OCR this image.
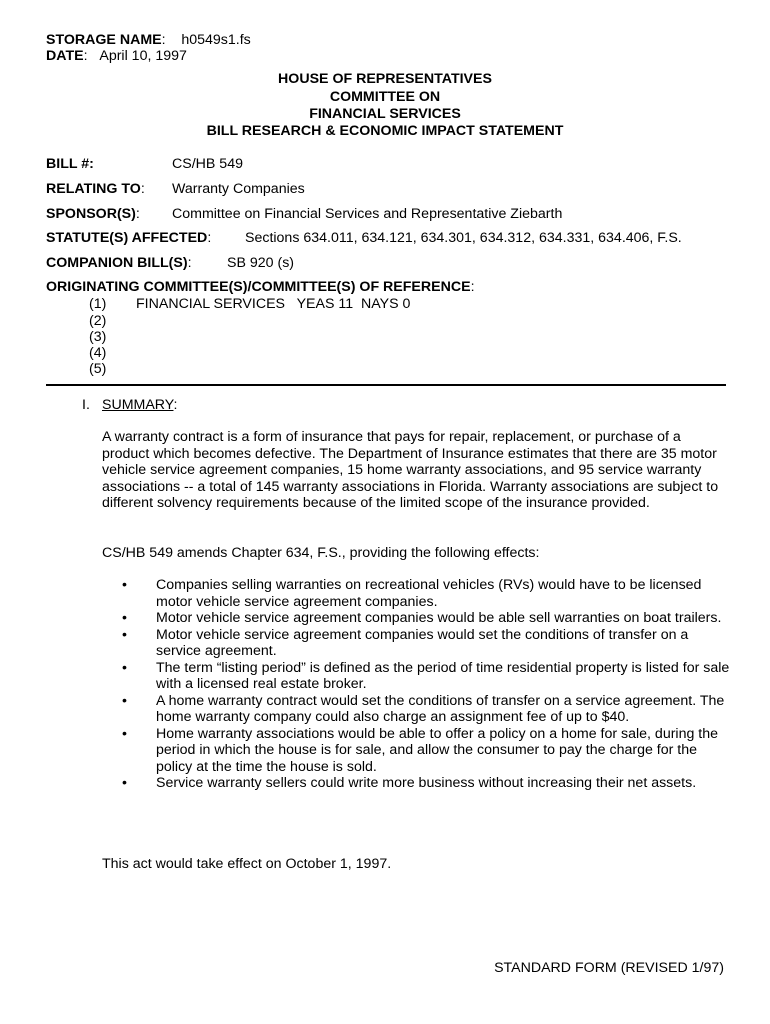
STORAGE NAME:    h0549s1.fs
DATE:   April 10, 1997
HOUSE OF REPRESENTATIVES
COMMITTEE ON
FINANCIAL SERVICES
BILL RESEARCH & ECONOMIC IMPACT STATEMENT
BILL #:	CS/HB 549
RELATING TO: Warranty Companies
SPONSOR(S): Committee on Financial Services and Representative Ziebarth
STATUTE(S) AFFECTED: Sections 634.011, 634.121, 634.301, 634.312, 634.331, 634.406, F.S.
COMPANION BILL(S): SB 920 (s)
ORIGINATING COMMITTEE(S)/COMMITTEE(S) OF REFERENCE:
(1) FINANCIAL SERVICES   YEAS 11  NAYS 0
(2)
(3)
(4)
(5)
I. SUMMARY:
A warranty contract is a form of insurance that pays for repair, replacement, or purchase of a product which becomes defective. The Department of Insurance estimates that there are 35 motor vehicle service agreement companies, 15 home warranty associations, and 95 service warranty associations -- a total of 145 warranty associations in Florida. Warranty associations are subject to different solvency requirements because of the limited scope of the insurance provided.
CS/HB 549 amends Chapter 634, F.S., providing the following effects:
• Companies selling warranties on recreational vehicles (RVs) would have to be licensed motor vehicle service agreement companies.
• Motor vehicle service agreement companies would be able sell warranties on boat trailers.
• Motor vehicle service agreement companies would set the conditions of transfer on a service agreement.
• The term “listing period” is defined as the period of time residential property is listed for sale with a licensed real estate broker.
• A home warranty contract would set the conditions of transfer on a service agreement. The home warranty company could also charge an assignment fee of up to $40.
• Home warranty associations would be able to offer a policy on a home for sale, during the period in which the house is for sale, and allow the consumer to pay the charge for the policy at the time the house is sold.
• Service warranty sellers could write more business without increasing their net assets.
This act would take effect on October 1, 1997.
STANDARD FORM (REVISED 1/97)
